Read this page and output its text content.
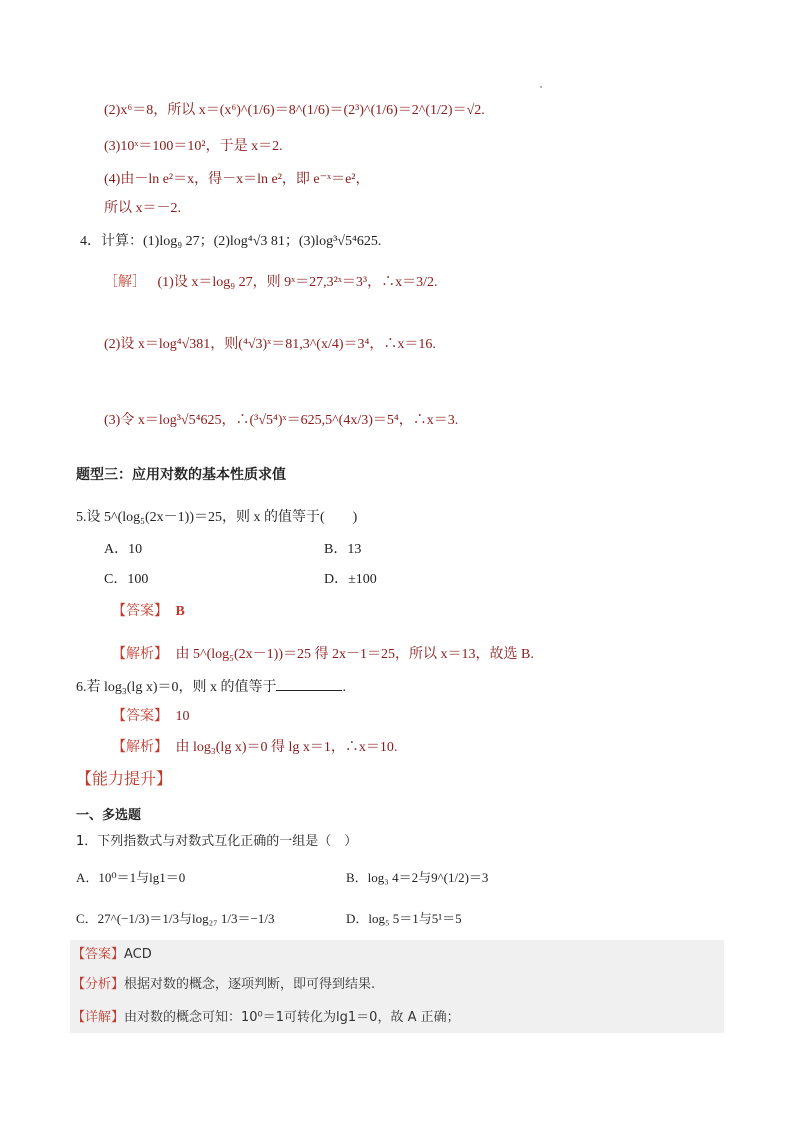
(2)x⁶＝8，所以 x＝(x⁶)^(1/6)＝8^(1/6)＝(2³)^(1/6)＝2^(1/2)＝√2.
(3)10ˣ＝100＝10²，于是 x＝2.
(4)由－ln e²＝x，得－x＝ln e²，即 e⁻ˣ＝e²，
所以 x＝－2.
4．计算：(1)log₉ 27；(2)log⁴√3 81；(3)log³√5⁴625.
［解］ (1)设 x＝log₉ 27，则 9ˣ＝27,3²ˣ＝3³，∴x＝3/2.
(2)设 x＝log⁴√381，则(⁴√3)ˣ＝81,3^(x/4)＝3⁴，∴x＝16.
(3)令 x＝log³√5⁴625，∴(³√5⁴)ˣ＝625,5^(4x/3)＝5⁴，∴x＝3.
题型三：应用对数的基本性质求值
5.设 5^(log₅(2x－1))＝25，则 x 的值等于(　　)
A．10	B．13
C．100	D．±100
【答案】 B
【解析】 由 5^(log₅(2x－1))＝25 得 2x－1＝25，所以 x＝13，故选 B.
6.若 log₃(lg x)＝0，则 x 的值等于	.
【答案】 10
【解析】 由 log₃(lg x)＝0 得 lg x＝1，∴x＝10.
【能力提升】
一、多选题
1．下列指数式与对数式互化正确的一组是（　）
A．10⁰＝1与lg1＝0	B．log₃ 4＝2与9^(1/2)＝3
C．27^(−1/3)＝1/3与log₂₇ 1/3＝−1/3	D．log₅ 5＝1与5¹＝5
【答案】ACD
【分析】根据对数的概念，逐项判断，即可得到结果.
【详解】由对数的概念可知：10⁰＝1可转化为lg1＝0，故 A 正确；
